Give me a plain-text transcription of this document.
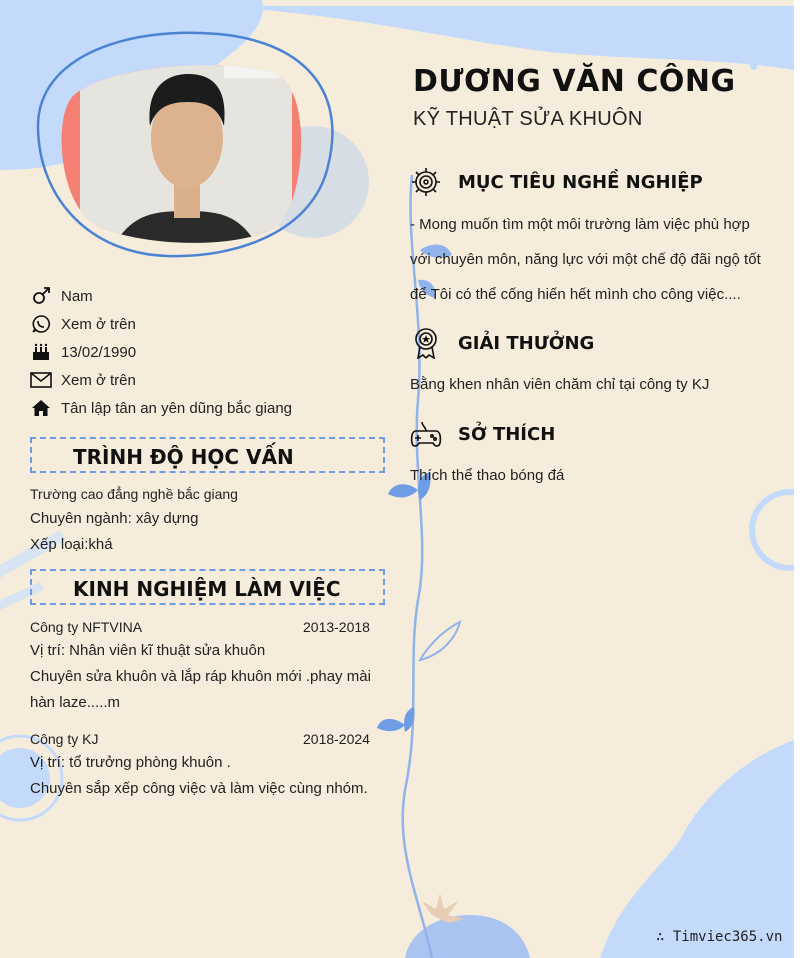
DƯƠNG VĂN CÔNG
KỸ THUẬT SỬA KHUÔN
Nam
Xem ở trên
13/02/1990
Xem ở trên
Tân lập tân an yên dũng bắc giang
TRÌNH ĐỘ HỌC VẤN
Trường cao đẳng nghề bắc giang
Chuyên ngành: xây dựng
Xếp loại:khá
KINH NGHIỆM LÀM VIỆC
Công ty NFTVINA	2013-2018
Vị trí: Nhân viên kĩ thuật sửa khuôn
Chuyên sửa khuôn và lắp ráp khuôn mới .phay mài
hàn laze.....m
Công ty KJ	2018-2024
Vị trí: tổ trưởng phòng khuôn .
Chuyên sắp xếp công việc và làm việc cùng nhóm.
MỤC TIÊU NGHỀ NGHIỆP
- Mong muốn tìm một môi trường làm việc phù hợp
với chuyên môn, năng lực với một chế độ đãi ngộ tốt
để Tôi có thể cống hiến hết mình cho công việc....
GIẢI THƯỞNG
Bằng khen nhân viên chăm chỉ tại công ty KJ
SỞ THÍCH
Thích thể thao bóng đá
∴ Timviec365.vn
